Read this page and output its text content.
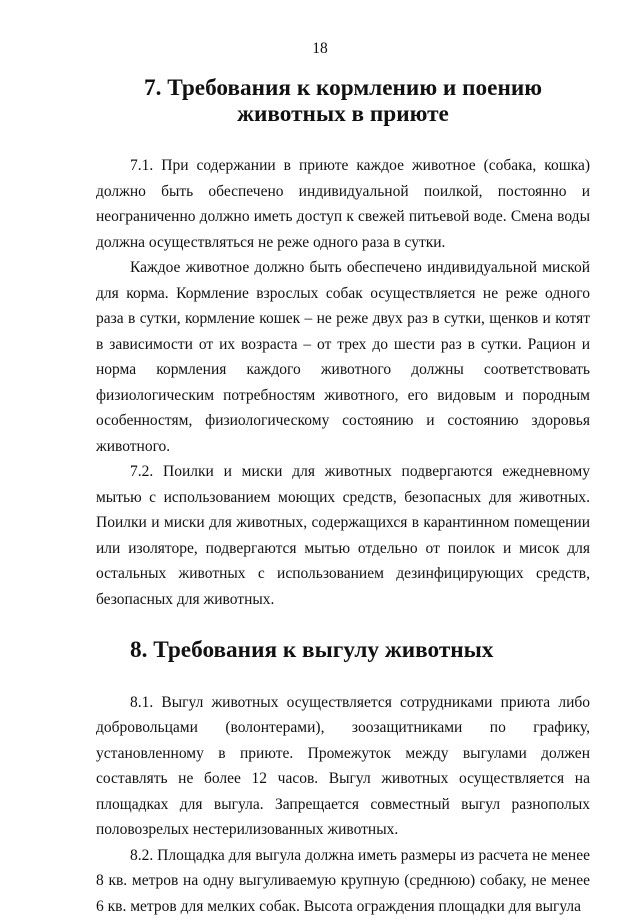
18
7. Требования к кормлению и поению животных в приюте

7.1. При содержании в приюте каждое животное (собака, кошка) должно быть обеспечено индивидуальной поилкой, постоянно и неограниченно должно иметь доступ к свежей питьевой воде. Смена воды должна осуществляться не реже одного раза в сутки.

Каждое животное должно быть обеспечено индивидуальной миской для корма. Кормление взрослых собак осуществляется не реже одного раза в сутки, кормление кошек – не реже двух раз в сутки, щенков и котят в зависимости от их возраста – от трех до шести раз в сутки. Рацион и норма кормления каждого животного должны соответствовать физиологическим потребностям животного, его видовым и породным особенностям, физиологическому состоянию и состоянию здоровья животного.

7.2. Поилки и миски для животных подвергаются ежедневному мытью с использованием моющих средств, безопасных для животных. Поилки и миски для животных, содержащихся в карантинном помещении или изоляторе, подвергаются мытью отдельно от поилок и мисок для остальных животных с использованием дезинфицирующих средств, безопасных для животных.

8. Требования к выгулу животных

8.1. Выгул животных осуществляется сотрудниками приюта либо добровольцами (волонтерами), зоозащитниками по графику, установленному в приюте. Промежуток между выгулами должен составлять не более 12 часов. Выгул животных осуществляется на площадках для выгула. Запрещается совместный выгул разнополых половозрелых нестерилизованных животных.

8.2. Площадка для выгула должна иметь размеры из расчета не менее 8 кв. метров на одну выгуливаемую крупную (среднюю) собаку, не менее 6 кв. метров для мелких собак. Высота ограждения площадки для выгула
